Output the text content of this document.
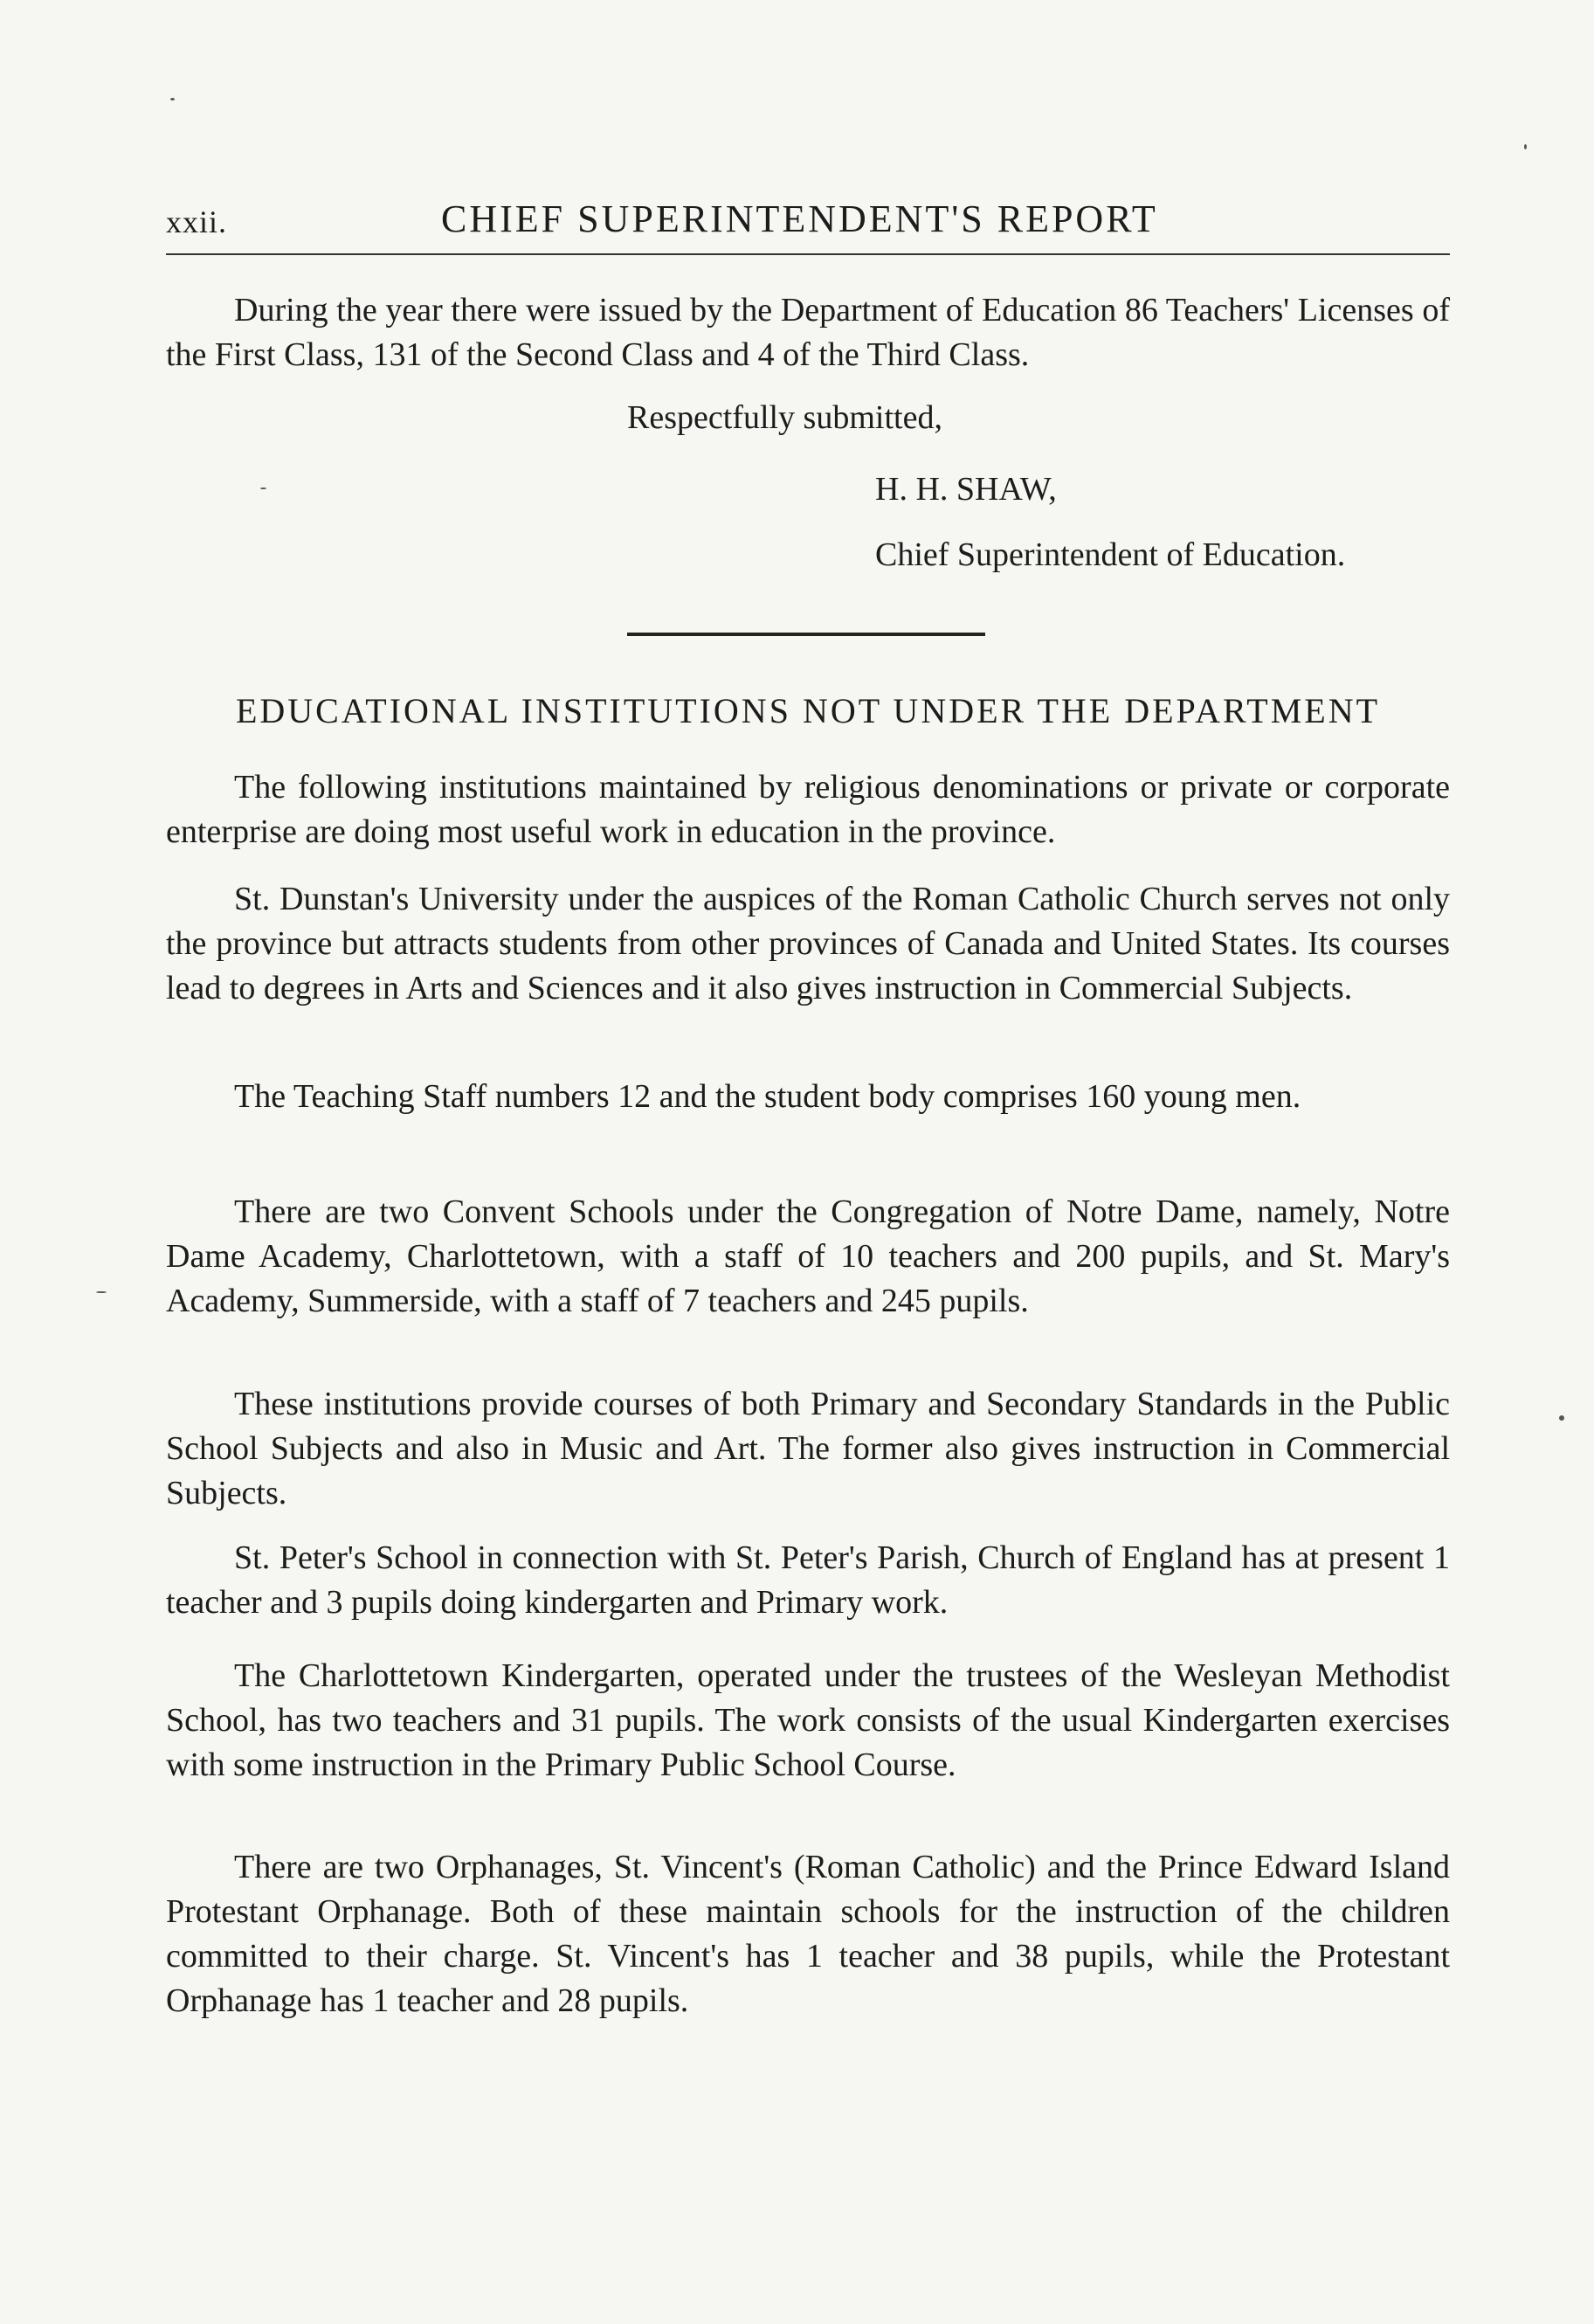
xxii.	CHIEF SUPERINTENDENT'S REPORT

During the year there were issued by the Department of Education 86 Teachers' Licenses of the First Class, 131 of the Second Class and 4 of the Third Class.

Respectfully submitted,
H. H. SHAW,
Chief Superintendent of Education.
EDUCATIONAL INSTITUTIONS NOT UNDER THE DEPARTMENT

The following institutions maintained by religious denominations or private or corporate enterprise are doing most useful work in education in the province.

St. Dunstan's University under the auspices of the Roman Catholic Church serves not only the province but attracts students from other provinces of Canada and United States. Its courses lead to degrees in Arts and Sciences and it also gives instruction in Commercial Subjects.

The Teaching Staff numbers 12 and the student body comprises 160 young men.

There are two Convent Schools under the Congregation of Notre Dame, namely, Notre Dame Academy, Charlottetown, with a staff of 10 teachers and 200 pupils, and St. Mary's Academy, Summerside, with a staff of 7 teachers and 245 pupils.

These institutions provide courses of both Primary and Secondary Standards in the Public School Subjects and also in Music and Art. The former also gives instruction in Commercial Subjects.

St. Peter's School in connection with St. Peter's Parish, Church of England has at present 1 teacher and 3 pupils doing kindergarten and Primary work.

The Charlottetown Kindergarten, operated under the trustees of the Wesleyan Methodist School, has two teachers and 31 pupils. The work consists of the usual Kindergarten exercises with some instruction in the Primary Public School Course.

There are two Orphanages, St. Vincent's (Roman Catholic) and the Prince Edward Island Protestant Orphanage. Both of these maintain schools for the instruction of the children committed to their charge. St. Vincent's has 1 teacher and 38 pupils, while the Protestant Orphanage has 1 teacher and 28 pupils.
